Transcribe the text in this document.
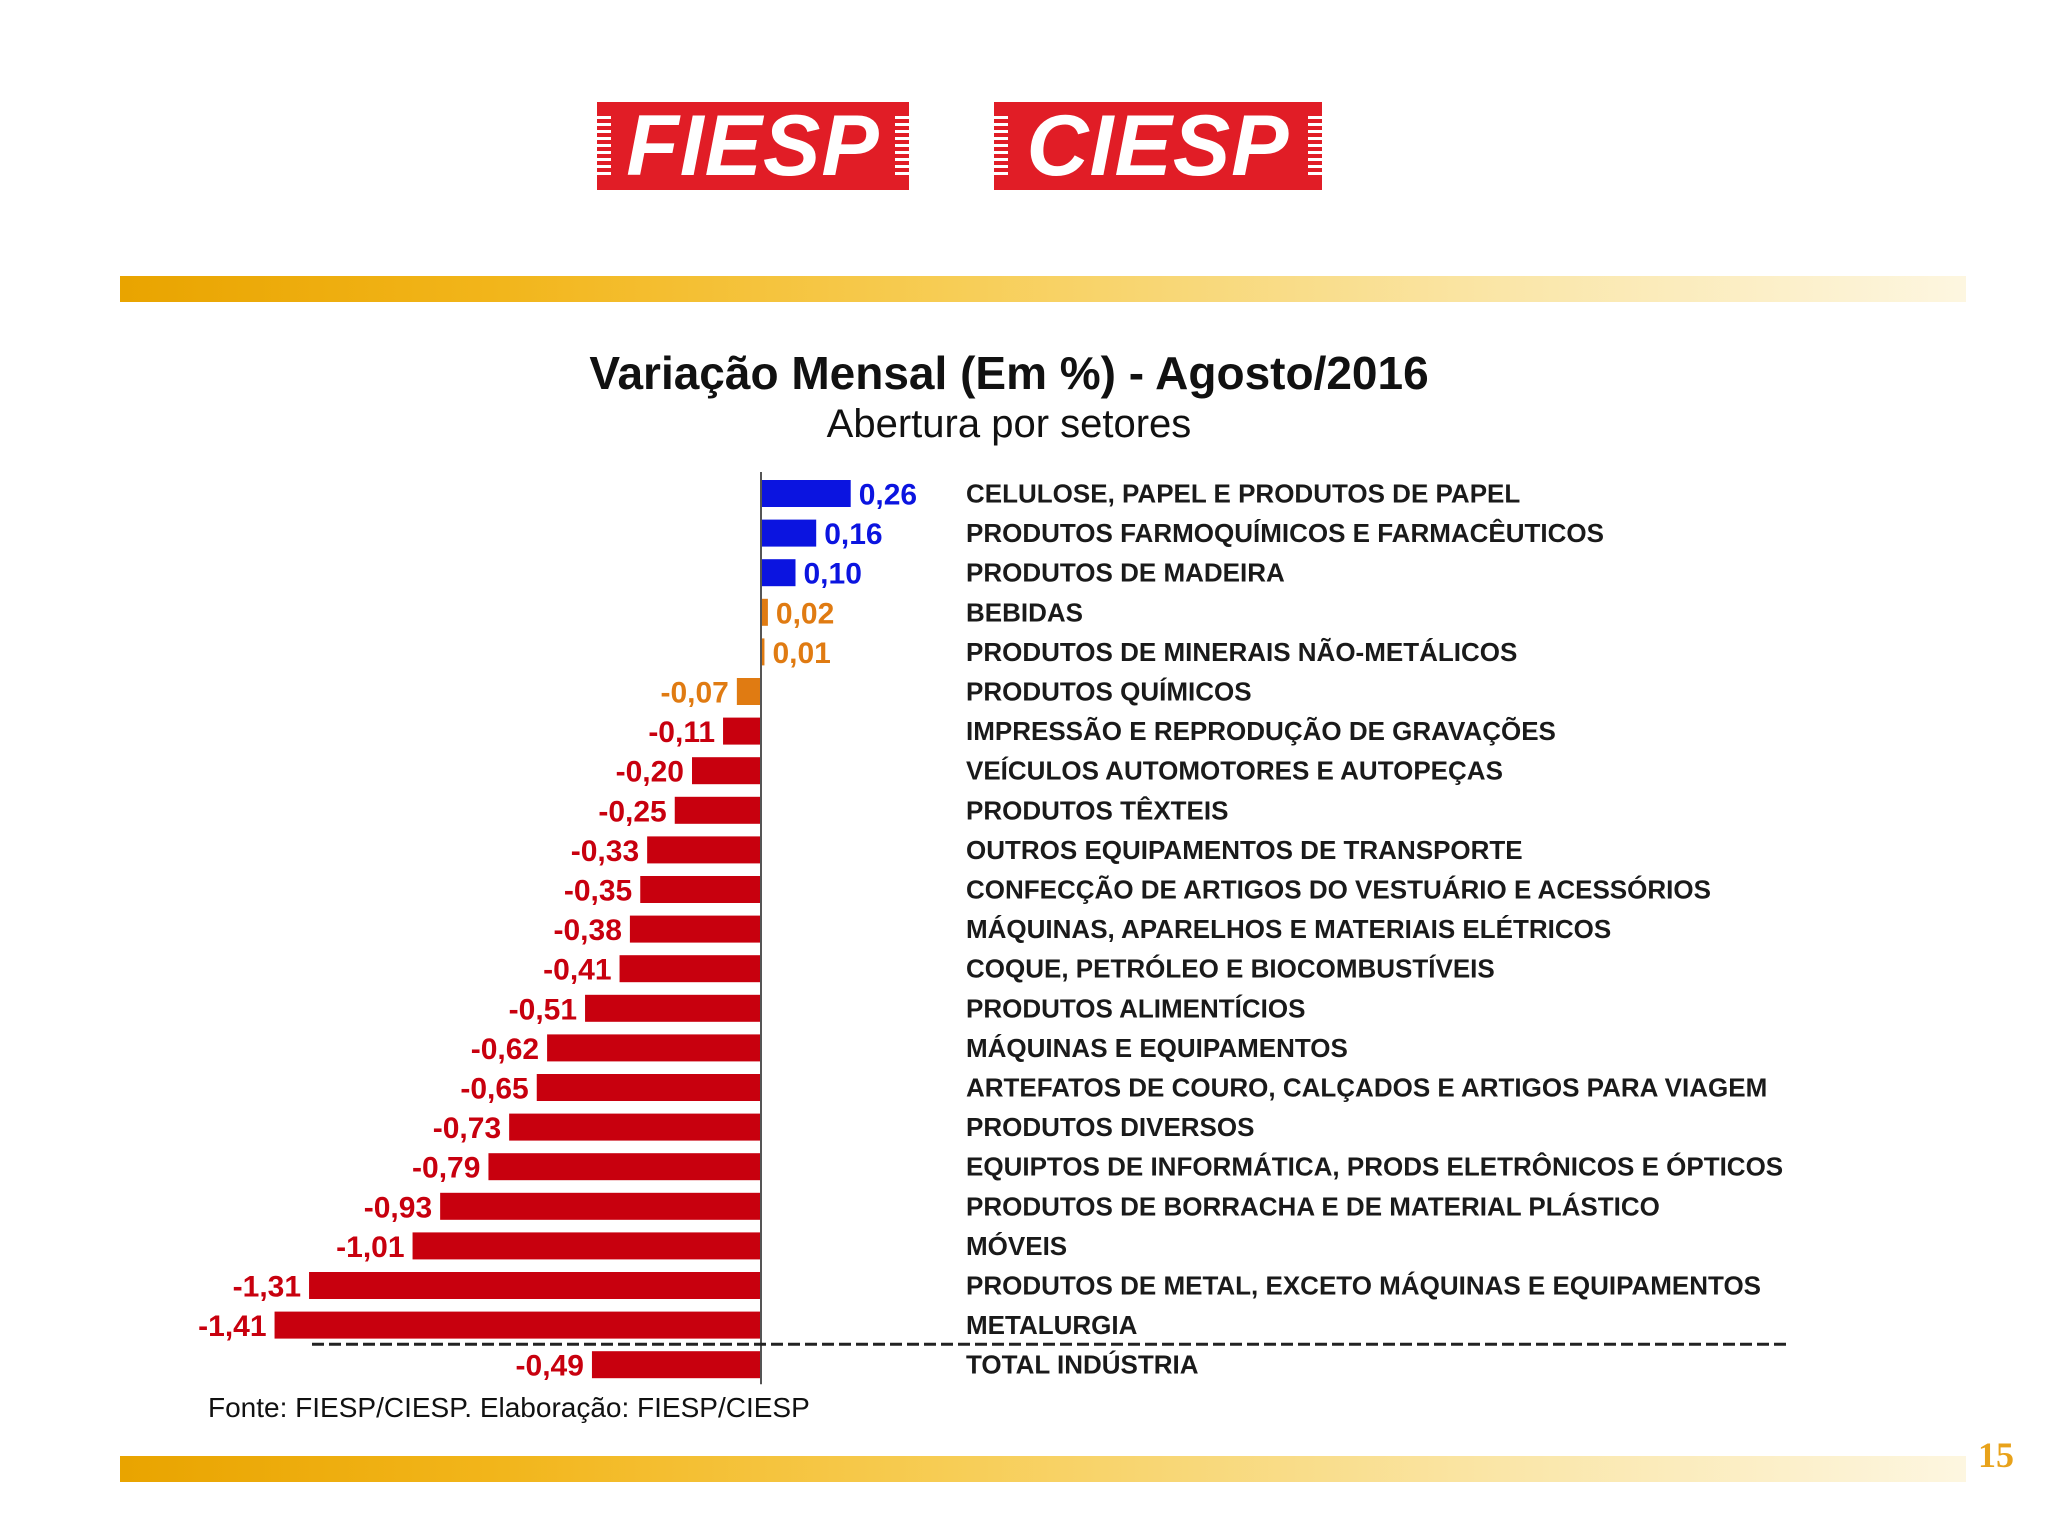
FIESP CIESP
Variação Mensal (Em %) - Agosto/2016
Abertura por setores
0,26 CELULOSE, PAPEL E PRODUTOS DE PAPEL
0,16	PRODUTOS FARMOQUÍMICOS E FARMACÊUTICOS
0,10	PRODUTOS DE MADEIRA
0,02	BEBIDAS
0,01	PRODUTOS DE MINERAIS NÃO-METÁLICOS
-0,07	PRODUTOS QUÍMICOS
-0,11	IMPRESSÃO E REPRODUÇÃO DE GRAVAÇÕES
-0,20	VEÍCULOS AUTOMOTORES E AUTOPEÇAS
-0,25	PRODUTOS TÊXTEIS
-0,33	OUTROS EQUIPAMENTOS DE TRANSPORTE
-0,35	CONFECÇÃO DE ARTIGOS DO VESTUÁRIO E ACESSÓRIOS
-0,38	MÁQUINAS, APARELHOS E MATERIAIS ELÉTRICOS
-0,41	COQUE, PETRÓLEO E BIOCOMBUSTÍVEIS
-0,51	PRODUTOS ALIMENTÍCIOS
-0,62	MÁQUINAS E EQUIPAMENTOS
-0,65	ARTEFATOS DE COURO, CALÇADOS E ARTIGOS PARA VIAGEM
-0,73	PRODUTOS DIVERSOS
-0,79	EQUIPTOS DE INFORMÁTICA, PRODS ELETRÔNICOS E ÓPTICOS
-0,93	PRODUTOS DE BORRACHA E DE MATERIAL PLÁSTICO
-1,01	MÓVEIS
-1,31	PRODUTOS DE METAL, EXCETO MÁQUINAS E EQUIPAMENTOS
-1,41	METALURGIA
-0,49	TOTAL INDÚSTRIA
Fonte: FIESP/CIESP. Elaboração: FIESP/CIESP
15
